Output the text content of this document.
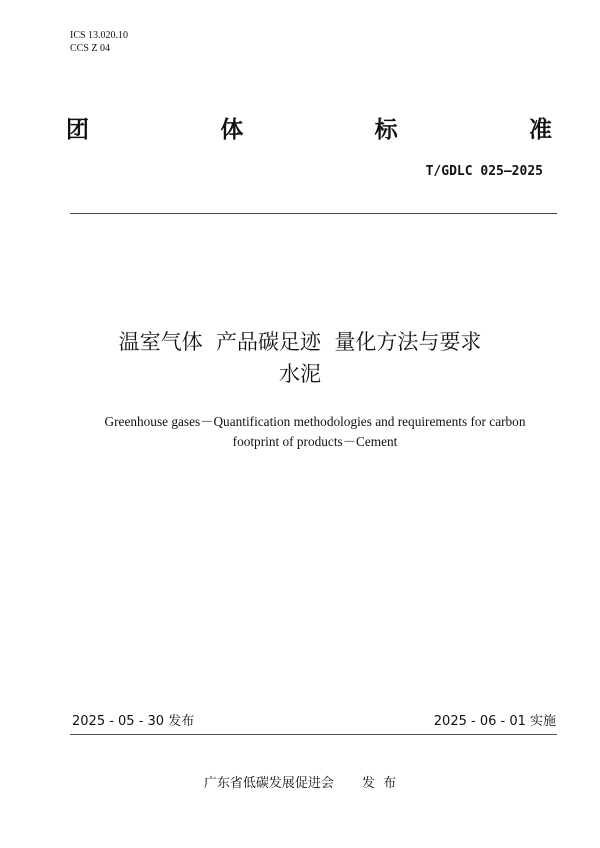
ICS 13.020.10
CCS Z 04
团	体	标	准
T/GDLC 025—2025
温室气体  产品碳足迹  量化方法与要求
水泥
Greenhouse gases－Quantification methodologies and requirements for carbon footprint of products－Cement
2025 - 05 - 30 发布	2025 - 06 - 01 实施
广东省低碳发展促进会 发  布
